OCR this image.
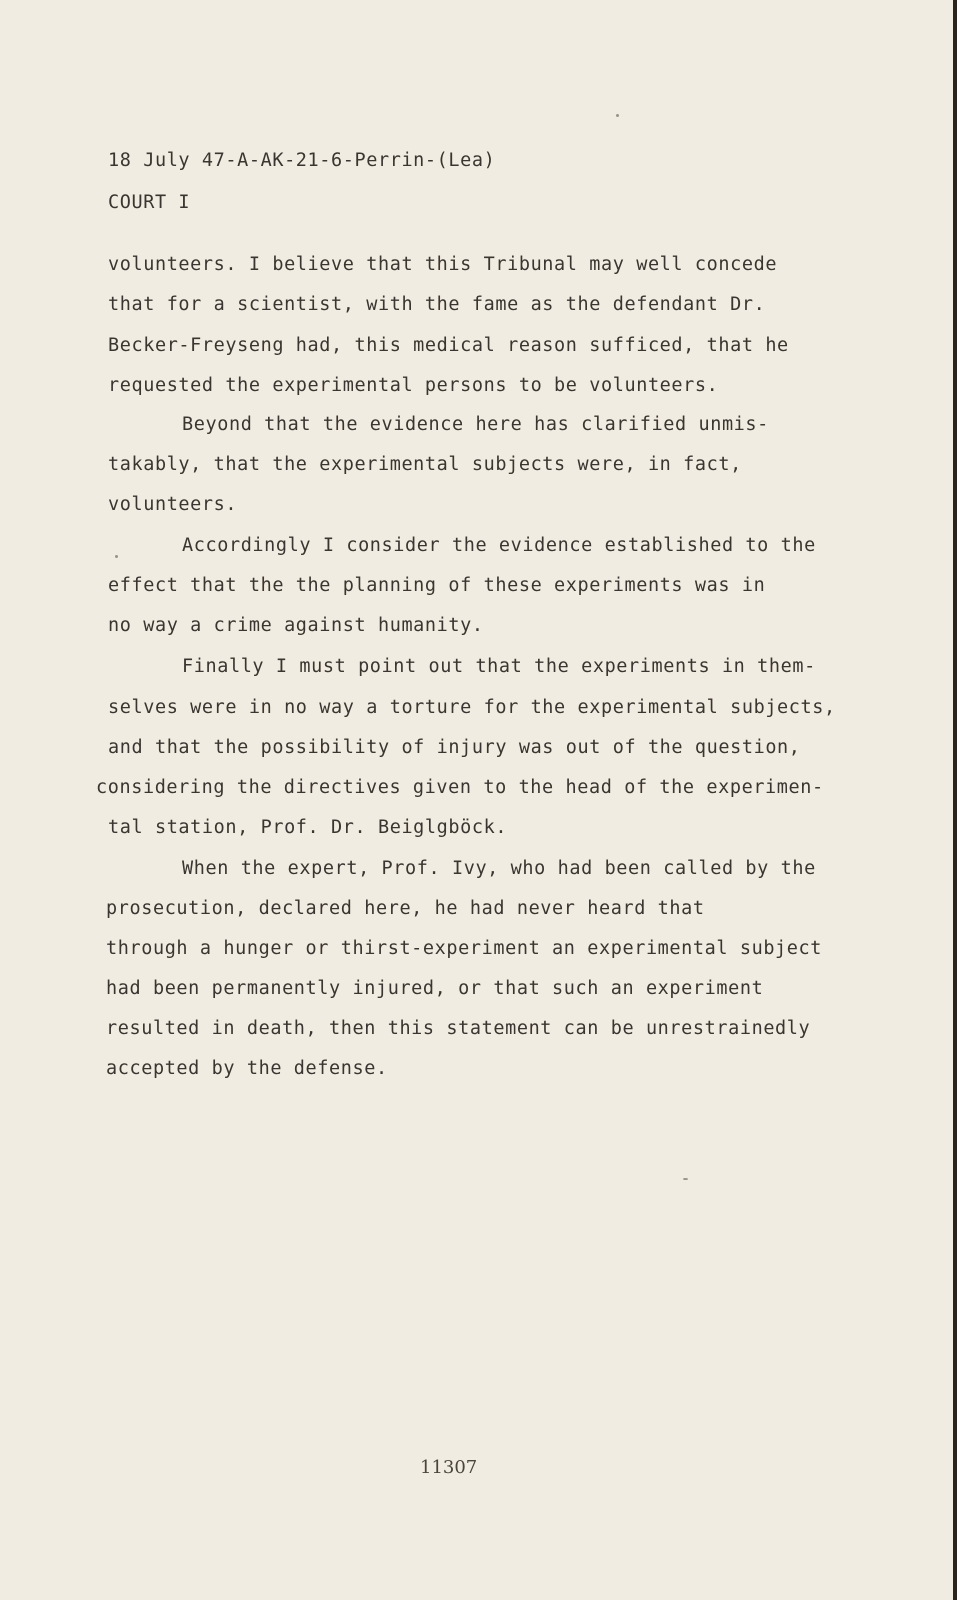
18 July 47-A-AK-21-6-Perrin-(Lea)
COURT I
volunteers. I believe that this Tribunal may well concede
that for a scientist, with the fame as the defendant Dr.
Becker-Freyseng had, this medical reason sufficed, that he
requested the experimental persons to be volunteers.
Beyond that the evidence here has clarified unmis-
takably, that the experimental subjects were, in fact,
volunteers.
Accordingly I consider the evidence established to the
effect that the the planning of these experiments was in
no way a crime against humanity.
Finally I must point out that the experiments in them-
selves were in no way a torture for the experimental subjects,
and that the possibility of injury was out of the question,
considering the directives given to the head of the experimen-
tal station, Prof. Dr. Beiglgböck.
When the expert, Prof. Ivy, who had been called by the
prosecution, declared here, he had never heard that
through a hunger or thirst-experiment an experimental subject
had been permanently injured, or that such an experiment
resulted in death, then this statement can be unrestrainedly
accepted by the defense.
11307
